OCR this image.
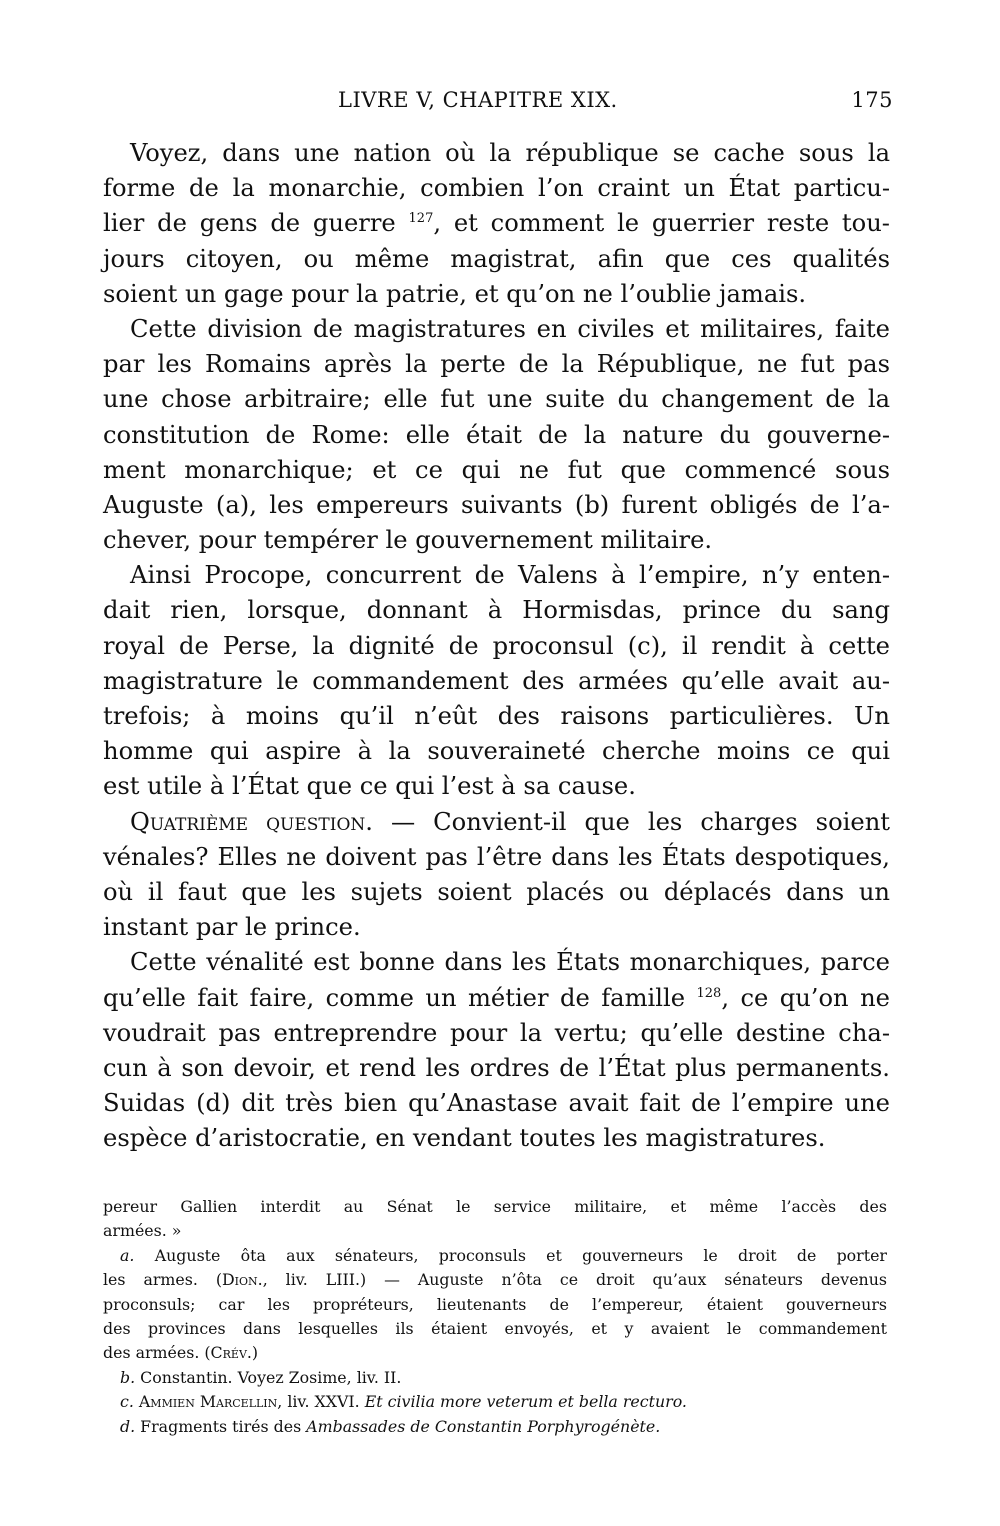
LIVRE V, CHAPITRE XIX.	175
Voyez, dans une nation où la république se cache sous la
forme de la monarchie, combien l’on craint un État particu-
lier de gens de guerre $^{127}$, et comment le guerrier reste tou-
jours citoyen, ou même magistrat, afin que ces qualités
soient un gage pour la patrie, et qu’on ne l’oublie jamais.
Cette division de magistratures en civiles et militaires, faite
par les Romains après la perte de la République, ne fut pas
une chose arbitraire; elle fut une suite du changement de la
constitution de Rome: elle était de la nature du gouverne-
ment monarchique; et ce qui ne fut que commencé sous
Auguste (a), les empereurs suivants (b) furent obligés de l’a-
chever, pour tempérer le gouvernement militaire.
Ainsi Procope, concurrent de Valens à l’empire, n’y enten-
dait rien, lorsque, donnant à Hormisdas, prince du sang
royal de Perse, la dignité de proconsul (c), il rendit à cette
magistrature le commandement des armées qu’elle avait au-
trefois; à moins qu’il n’eût des raisons particulières. Un
homme qui aspire à la souveraineté cherche moins ce qui
est utile à l’État que ce qui l’est à sa cause.
Quatrième question. — Convient-il que les charges soient
vénales? Elles ne doivent pas l’être dans les États despotiques,
où il faut que les sujets soient placés ou déplacés dans un
instant par le prince.
Cette vénalité est bonne dans les États monarchiques, parce
qu’elle fait faire, comme un métier de famille $^{128}$, ce qu’on ne
voudrait pas entreprendre pour la vertu; qu’elle destine cha-
cun à son devoir, et rend les ordres de l’État plus permanents.
Suidas (d) dit très bien qu’Anastase avait fait de l’empire une
espèce d’aristocratie, en vendant toutes les magistratures.
pereur Gallien interdit au Sénat le service militaire, et même l’accès des
armées. »
a. Auguste ôta aux sénateurs, proconsuls et gouverneurs le droit de porter
les armes. (Dion., liv. LIII.) — Auguste n’ôta ce droit qu’aux sénateurs devenus
proconsuls; car les propréteurs, lieutenants de l’empereur, étaient gouverneurs
des provinces dans lesquelles ils étaient envoyés, et y avaient le commandement
des armées. (Crév.)
b. Constantin. Voyez Zosime, liv. II.
c. Ammien Marcellin, liv. XXVI. Et civilia more veterum et bella recturo.
d. Fragments tirés des Ambassades de Constantin Porphyrogénète.
